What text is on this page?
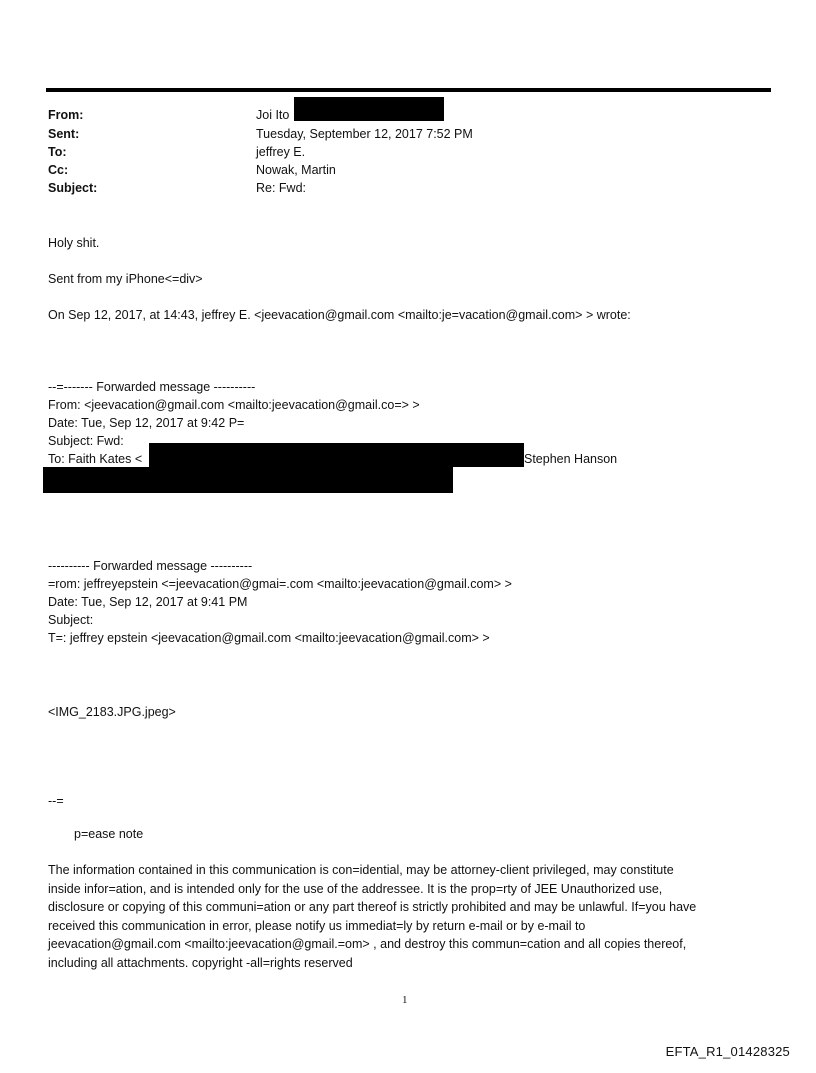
From:	Joi Ito
Sent:	Tuesday, September 12, 2017 7:52 PM
To:	jeffrey E.
Cc:	Nowak, Martin
Subject:	Re: Fwd:
Holy shit.
Sent from my iPhone<=div>
On Sep 12, 2017, at 14:43, jeffrey E. <jeevacation@gmail.com <mailto:je=vacation@gmail.com> > wrote:
--=------- Forwarded message ----------
From: <jeevacation@gmail.com <mailto:jeevacation@gmail.co=> >
Date: Tue, Sep 12, 2017 at 9:42 P=
Subject: Fwd:
To: Faith Kates <	Stephen Hanson
---------- Forwarded message ----------
=rom: jeffreyepstein <=jeevacation@gmai=.com <mailto:jeevacation@gmail.com> >
Date: Tue, Sep 12, 2017 at 9:41 PM
Subject:
T=: jeffrey epstein <jeevacation@gmail.com <mailto:jeevacation@gmail.com> >
<IMG_2183.JPG.jpeg>
--=
p=ease note
The information contained in this communication is con=idential, may be attorney-client privileged, may constitute
inside infor=ation, and is intended only for the use of the addressee. It is the prop=rty of JEE Unauthorized use,
disclosure or copying of this communi=ation or any part thereof is strictly prohibited and may be unlawful. If=you have
received this communication in error, please notify us immediat=ly by return e-mail or by e-mail to
jeevacation@gmail.com <mailto:jeevacation@gmail.=om> , and destroy this commun=cation and all copies thereof,
including all attachments. copyright -all=rights reserved
1
EFTA_R1_01428325
